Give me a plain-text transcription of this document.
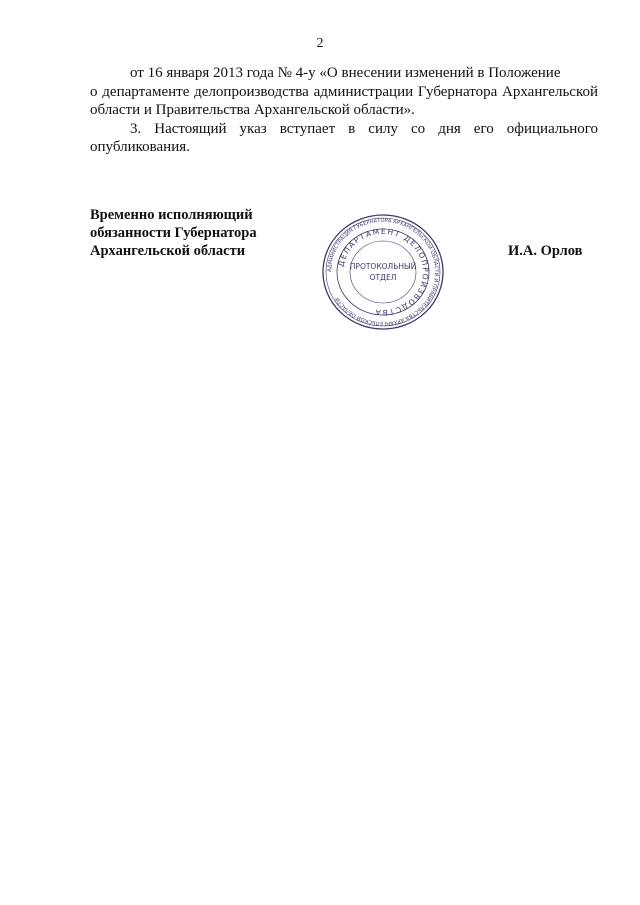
2

от 16 января 2013 года № 4-у «О внесении изменений в Положение

о департаменте делопроизводства администрации Губернатора Архангельской области и Правительства Архангельской области».

3. Настоящий указ вступает в силу со дня его официального опубликования.

Временно исполняющий
обязанности Губернатора
Архангельской области
АДМИНИСТРАЦИЯ ГУБЕРНАТОРА АРХАНГЕЛЬСКОЙ ОБЛАСТИ И ПРАВИТЕЛЬСТВА АРХАНГЕЛЬСКОЙ ОБЛАСТИ
ДЕПАРТАМЕНТ ДЕЛОПРОИЗВОДСТВА
ПРОТОКОЛЬНЫЙ
ОТДЕЛ
И.А. Орлов
